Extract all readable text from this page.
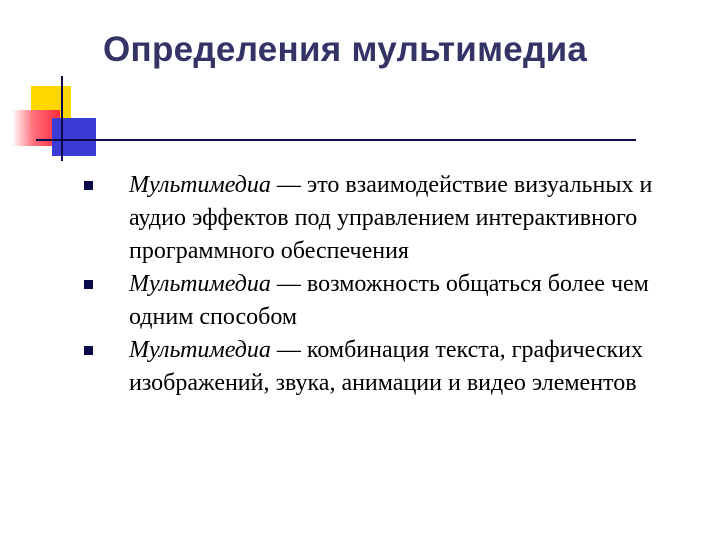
Определения мультимедиа
Мультимедиа — это взаимодействие визуальных и аудио эффектов под управлением интерактивного программного обеспечения
Мультимедиа — возможность общаться более чем одним способом
Мультимедиа — комбинация текста, графических изображений, звука, анимации и видео элементов
